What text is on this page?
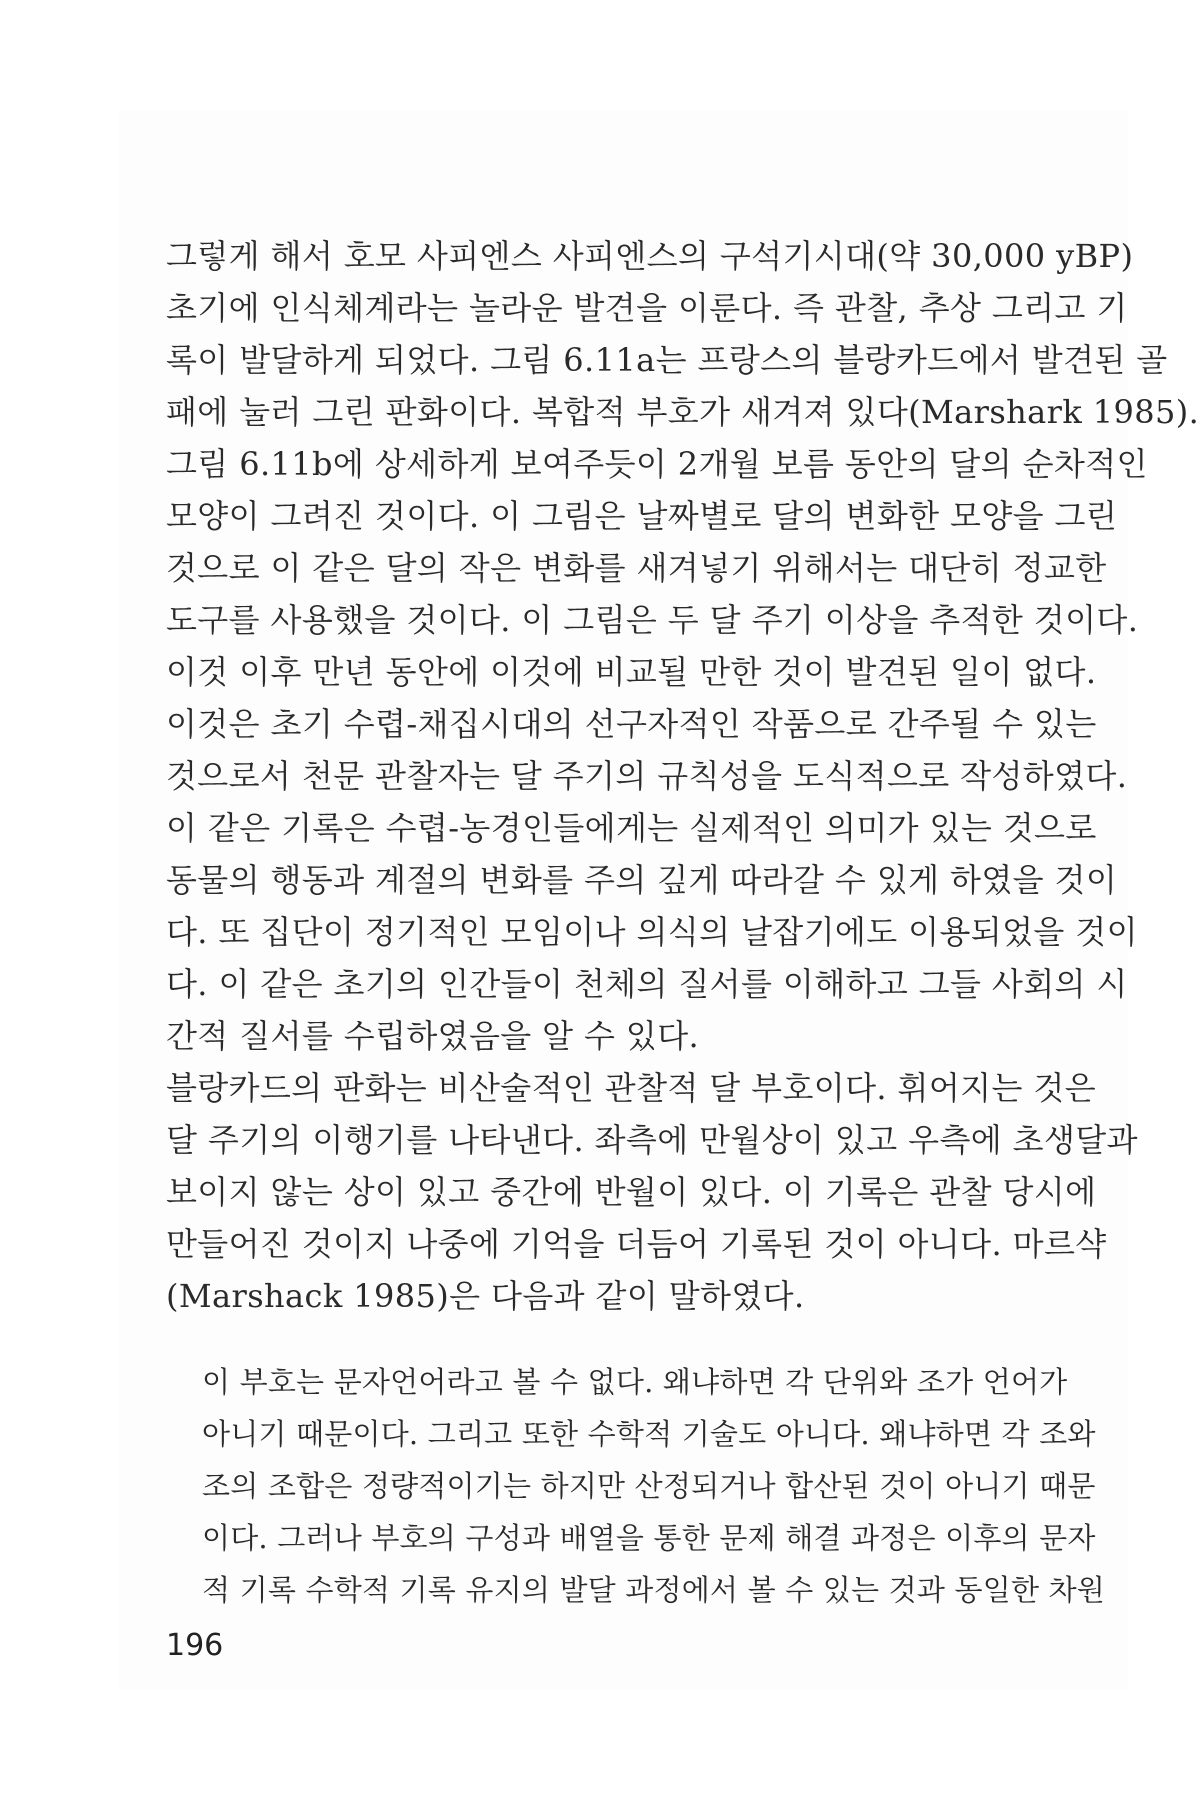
그렇게 해서 호모 사피엔스 사피엔스의 구석기시대(약 30,000 yBP)
초기에 인식체계라는 놀라운 발견을 이룬다. 즉 관찰, 추상 그리고 기
록이 발달하게 되었다. 그림 6.11a는 프랑스의 블랑카드에서 발견된 골
패에 눌러 그린 판화이다. 복합적 부호가 새겨져 있다(Marshark 1985).
그림 6.11b에 상세하게 보여주듯이 2개월 보름 동안의 달의 순차적인
모양이 그려진 것이다. 이 그림은 날짜별로 달의 변화한 모양을 그린
것으로 이 같은 달의 작은 변화를 새겨넣기 위해서는 대단히 정교한
도구를 사용했을 것이다. 이 그림은 두 달 주기 이상을 추적한 것이다.
이것 이후 만년 동안에 이것에 비교될 만한 것이 발견된 일이 없다.
이것은 초기 수렵-채집시대의 선구자적인 작품으로 간주될 수 있는
것으로서 천문 관찰자는 달 주기의 규칙성을 도식적으로 작성하였다.
이 같은 기록은 수렵-농경인들에게는 실제적인 의미가 있는 것으로
동물의 행동과 계절의 변화를 주의 깊게 따라갈 수 있게 하였을 것이
다. 또 집단이 정기적인 모임이나 의식의 날잡기에도 이용되었을 것이
다. 이 같은 초기의 인간들이 천체의 질서를 이해하고 그들 사회의 시
간적 질서를 수립하였음을 알 수 있다.
블랑카드의 판화는 비산술적인 관찰적 달 부호이다. 휘어지는 것은
달 주기의 이행기를 나타낸다. 좌측에 만월상이 있고 우측에 초생달과
보이지 않는 상이 있고 중간에 반월이 있다. 이 기록은 관찰 당시에
만들어진 것이지 나중에 기억을 더듬어 기록된 것이 아니다. 마르샥
(Marshack 1985)은 다음과 같이 말하였다.
이 부호는 문자언어라고 볼 수 없다. 왜냐하면 각 단위와 조가 언어가
아니기 때문이다. 그리고 또한 수학적 기술도 아니다. 왜냐하면 각 조와
조의 조합은 정량적이기는 하지만 산정되거나 합산된 것이 아니기 때문
이다. 그러나 부호의 구성과 배열을 통한 문제 해결 과정은 이후의 문자
적 기록 수학적 기록 유지의 발달 과정에서 볼 수 있는 것과 동일한 차원
196
